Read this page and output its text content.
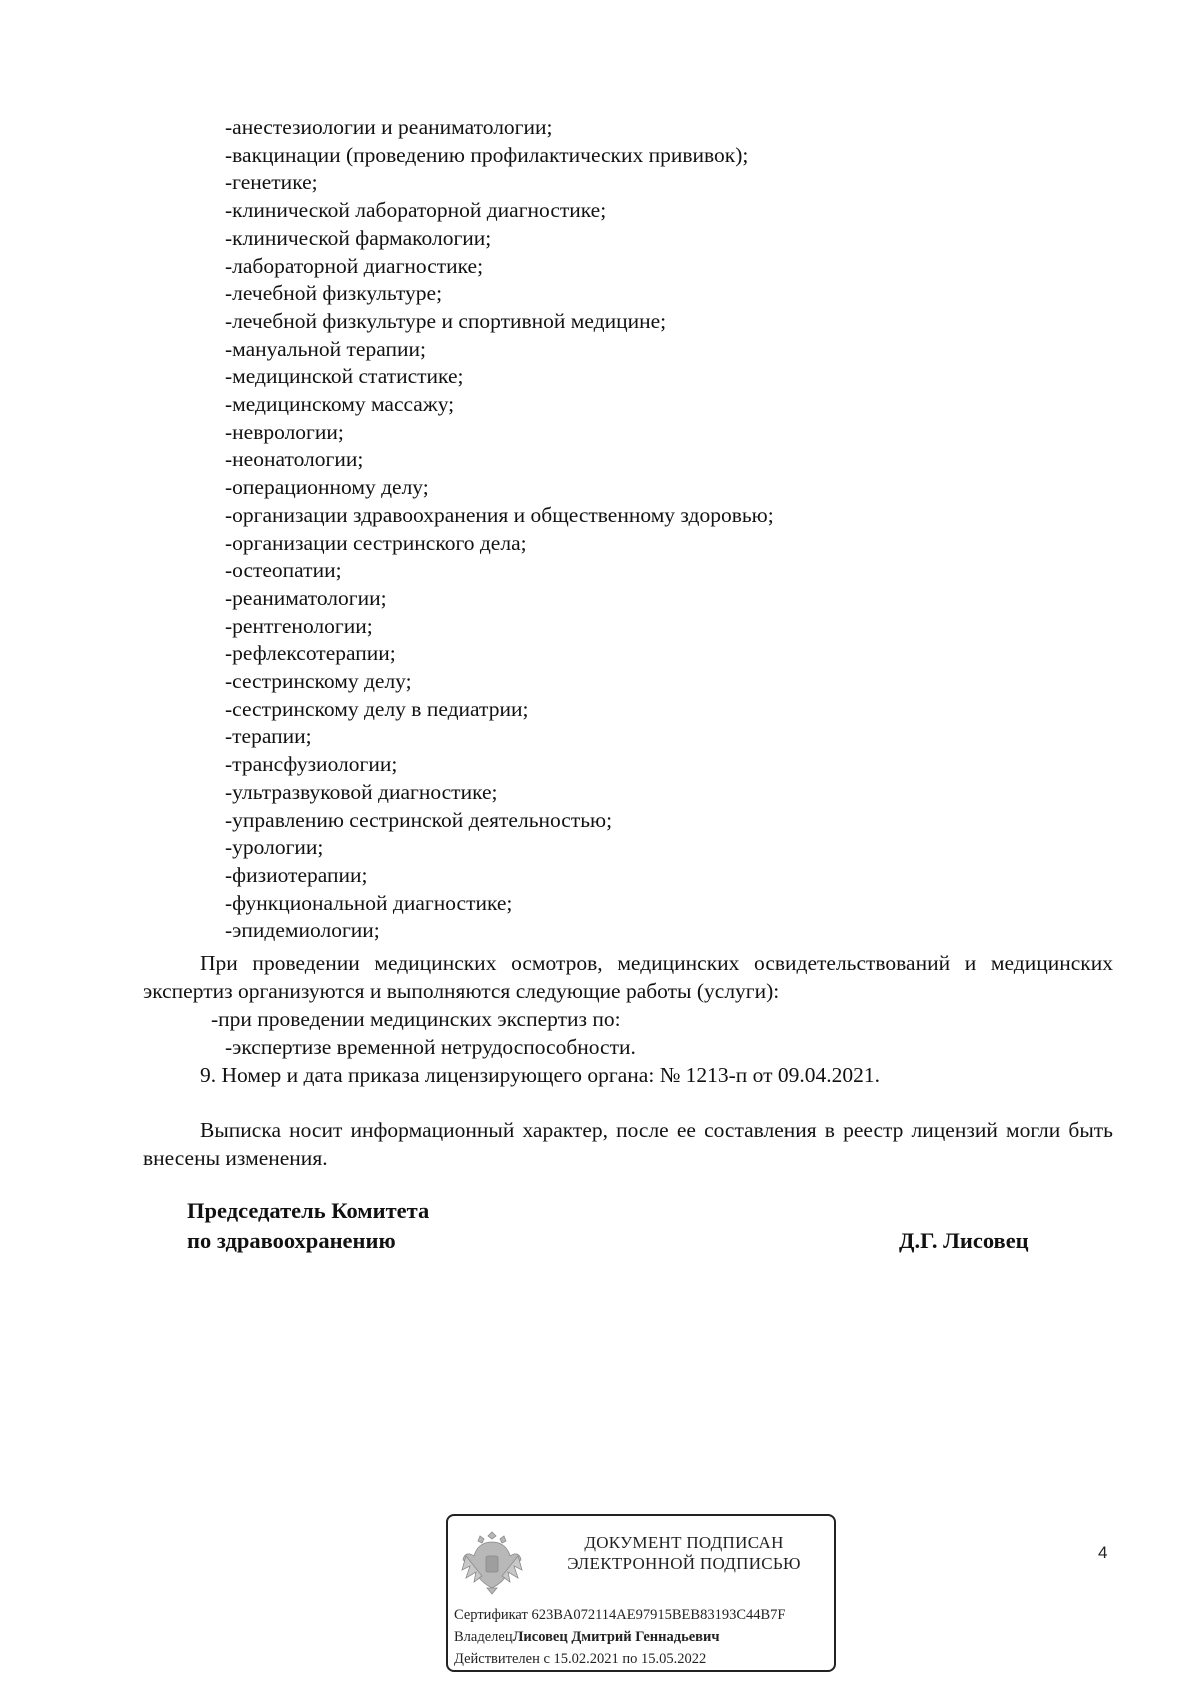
-анестезиологии и реаниматологии;
-вакцинации (проведению профилактических прививок);
-генетике;
-клинической лабораторной диагностике;
-клинической фармакологии;
-лабораторной диагностике;
-лечебной физкультуре;
-лечебной физкультуре и спортивной медицине;
-мануальной терапии;
-медицинской статистике;
-медицинскому массажу;
-неврологии;
-неонатологии;
-операционному делу;
-организации здравоохранения и общественному здоровью;
-организации сестринского дела;
-остеопатии;
-реаниматологии;
-рентгенологии;
-рефлексотерапии;
-сестринскому делу;
-сестринскому делу в педиатрии;
-терапии;
-трансфузиологии;
-ультразвуковой диагностике;
-управлению сестринской деятельностью;
-урологии;
-физиотерапии;
-функциональной диагностике;
-эпидемиологии;

При проведении медицинских осмотров, медицинских освидетельствований и медицинских экспертиз организуются и выполняются следующие работы (услуги):

-при проведении медицинских экспертиз по:

-экспертизе временной нетрудоспособности.

9. Номер и дата приказа лицензирующего органа: № 1213-п от 09.04.2021.

Выписка носит информационный характер, после ее составления в реестр лицензий могли быть внесены изменения.

Председатель Комитета
по здравоохранению	Д.Г. Лисовец
ДОКУМЕНТ ПОДПИСАН
ЭЛЕКТРОННОЙ ПОДПИСЬЮ
Сертификат 623BA072114AE97915BEB83193C44B7F
ВладелецЛисовец Дмитрий Геннадьевич
Действителен с 15.02.2021 по 15.05.2022
4
